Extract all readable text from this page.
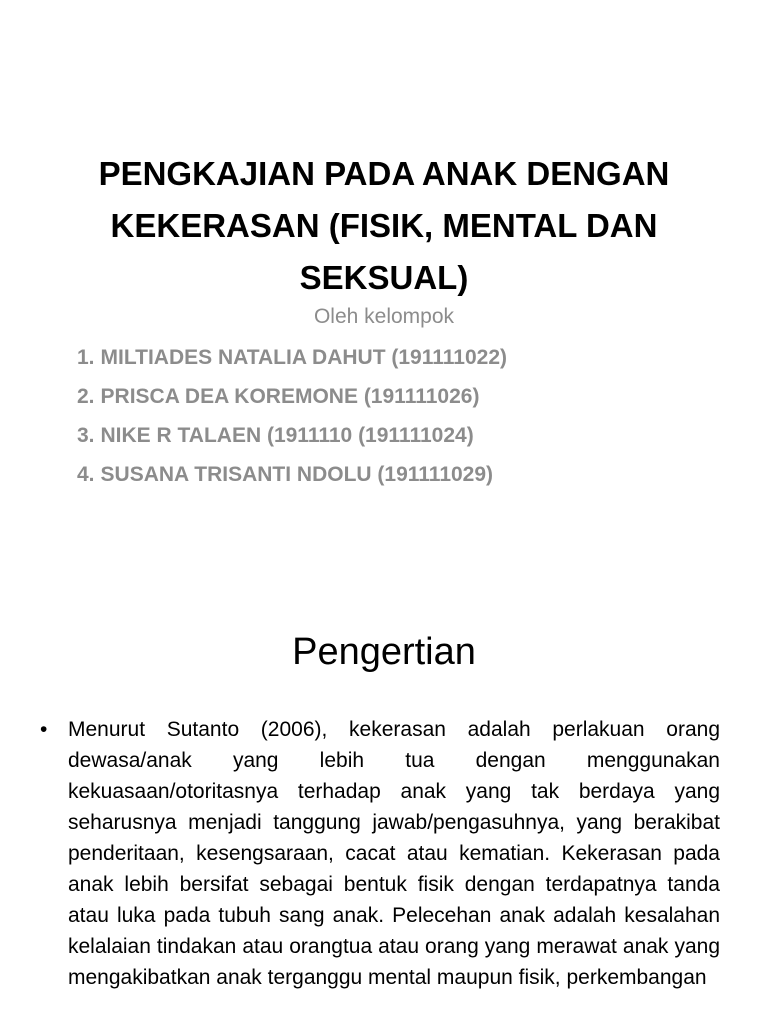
PENGKAJIAN PADA ANAK DENGAN KEKERASAN (FISIK, MENTAL DAN SEKSUAL)

Oleh kelompok

1. MILTIADES NATALIA DAHUT (191111022)
2. PRISCA DEA KOREMONE (191111026)
3. NIKE R TALAEN (1911110 (191111024)
4. SUSANA TRISANTI NDOLU (191111029)
Pengertian
• Menurut Sutanto (2006), kekerasan adalah perlakuan orang dewasa/anak yang lebih tua dengan menggunakan kekuasaan/otoritasnya terhadap anak yang tak berdaya yang seharusnya menjadi tanggung jawab/pengasuhnya, yang berakibat penderitaan, kesengsaraan, cacat atau kematian. Kekerasan pada anak lebih bersifat sebagai bentuk fisik dengan terdapatnya tanda atau luka pada tubuh sang anak. Pelecehan anak adalah kesalahan kelalaian tindakan atau orangtua atau orang yang merawat anak yang mengakibatkan anak terganggu mental maupun fisik, perkembangan
